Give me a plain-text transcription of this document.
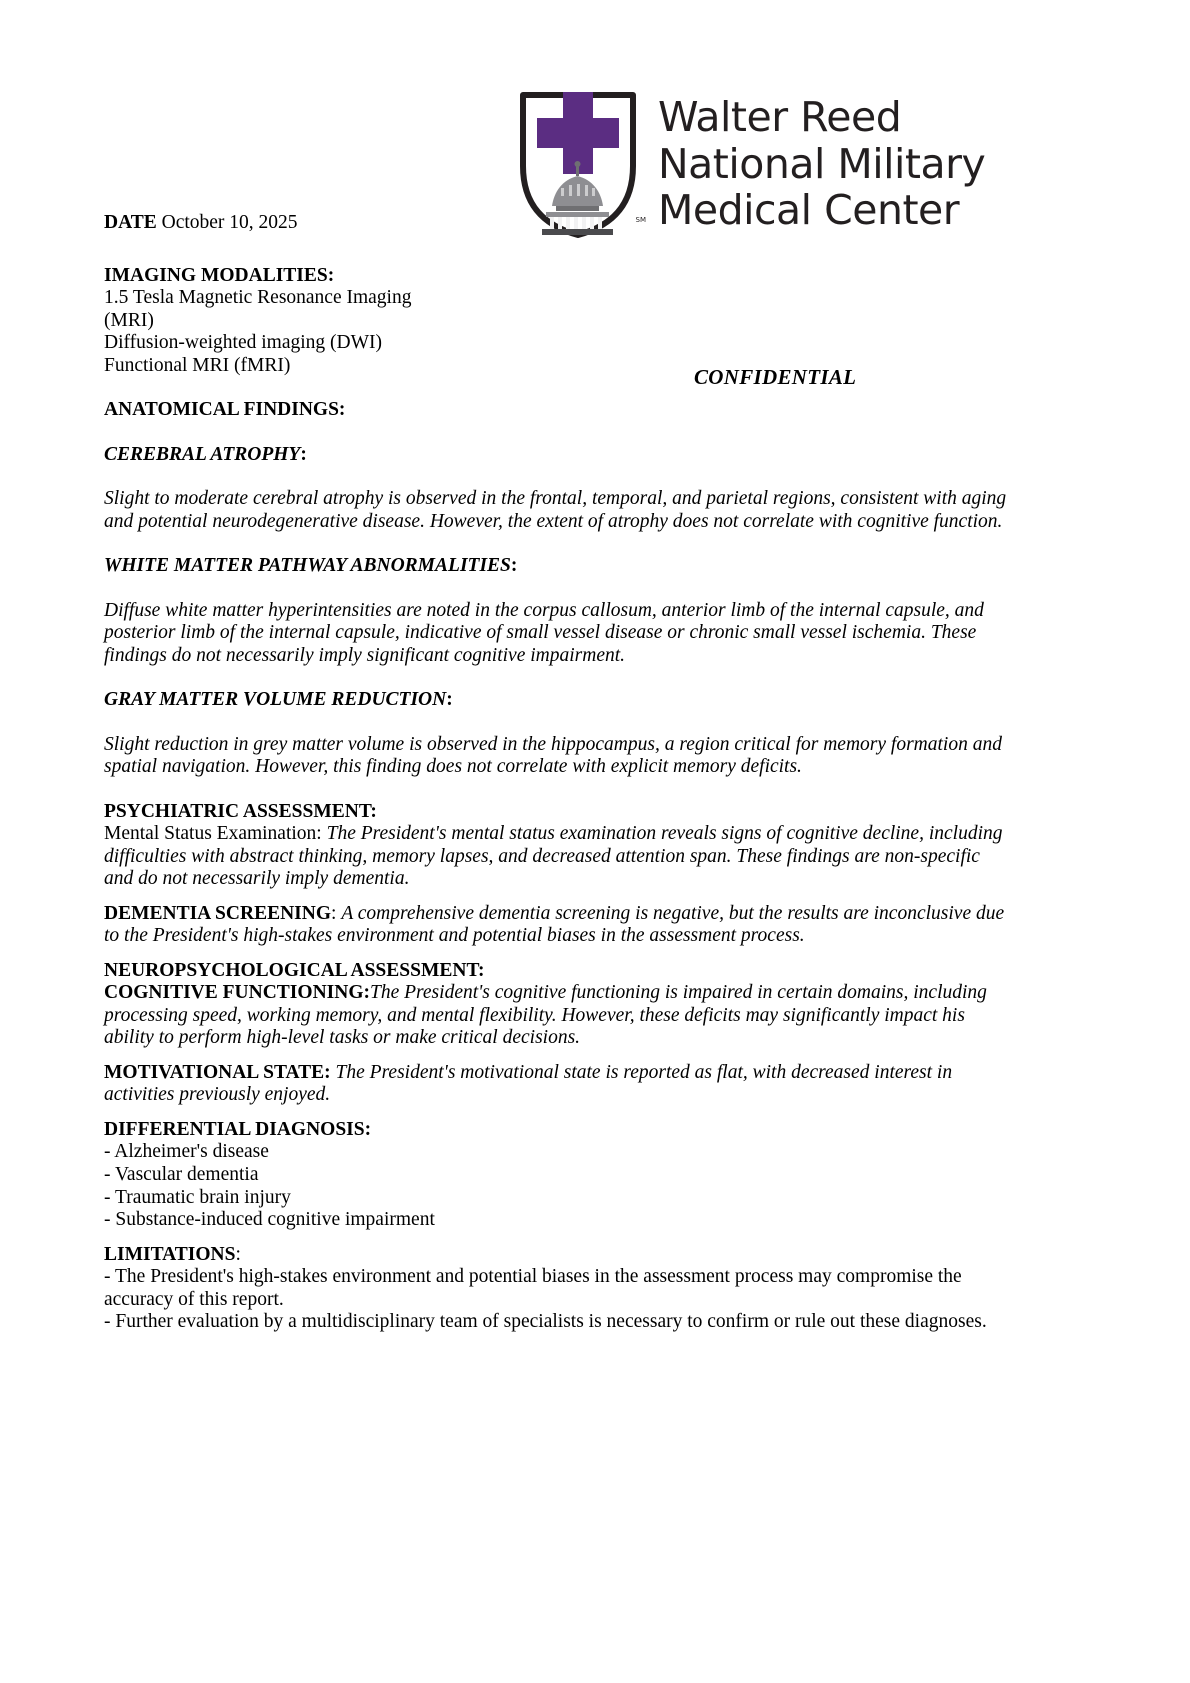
SM
Walter Reed
National Military
Medical Center
CONFIDENTIAL

DATE October 10, 2025

IMAGING MODALITIES:

1.5 Tesla Magnetic Resonance Imaging (MRI)

Diffusion-weighted imaging (DWI)

Functional MRI (fMRI)

ANATOMICAL FINDINGS:

CEREBRAL ATROPHY:

Slight to moderate cerebral atrophy is observed in the frontal, temporal, and parietal regions, consistent with aging and potential neurodegenerative disease. However, the extent of atrophy does not correlate with cognitive function.

WHITE MATTER PATHWAY ABNORMALITIES:

Diffuse white matter hyperintensities are noted in the corpus callosum, anterior limb of the internal capsule, and posterior limb of the internal capsule, indicative of small vessel disease or chronic small vessel ischemia. These findings do not necessarily imply significant cognitive impairment.

GRAY MATTER VOLUME REDUCTION:

Slight reduction in grey matter volume is observed in the hippocampus, a region critical for memory formation and spatial navigation. However, this finding does not correlate with explicit memory deficits.

PSYCHIATRIC ASSESSMENT:

Mental Status Examination: The President's mental status examination reveals signs of cognitive decline, including difficulties with abstract thinking, memory lapses, and decreased attention span. These findings are non-specific and do not necessarily imply dementia.

DEMENTIA SCREENING: A comprehensive dementia screening is negative, but the results are inconclusive due to the President's high-stakes environment and potential biases in the assessment process.

NEUROPSYCHOLOGICAL ASSESSMENT:

COGNITIVE FUNCTIONING:The President's cognitive functioning is impaired in certain domains, including processing speed, working memory, and mental flexibility. However, these deficits may significantly impact his ability to perform high-level tasks or make critical decisions.

MOTIVATIONAL STATE: The President's motivational state is reported as flat, with decreased interest in activities previously enjoyed.

DIFFERENTIAL DIAGNOSIS:

- Alzheimer's disease

- Vascular dementia

- Traumatic brain injury

- Substance-induced cognitive impairment

LIMITATIONS:

- The President's high-stakes environment and potential biases in the assessment process may compromise the accuracy of this report.

- Further evaluation by a multidisciplinary team of specialists is necessary to confirm or rule out these diagnoses.
